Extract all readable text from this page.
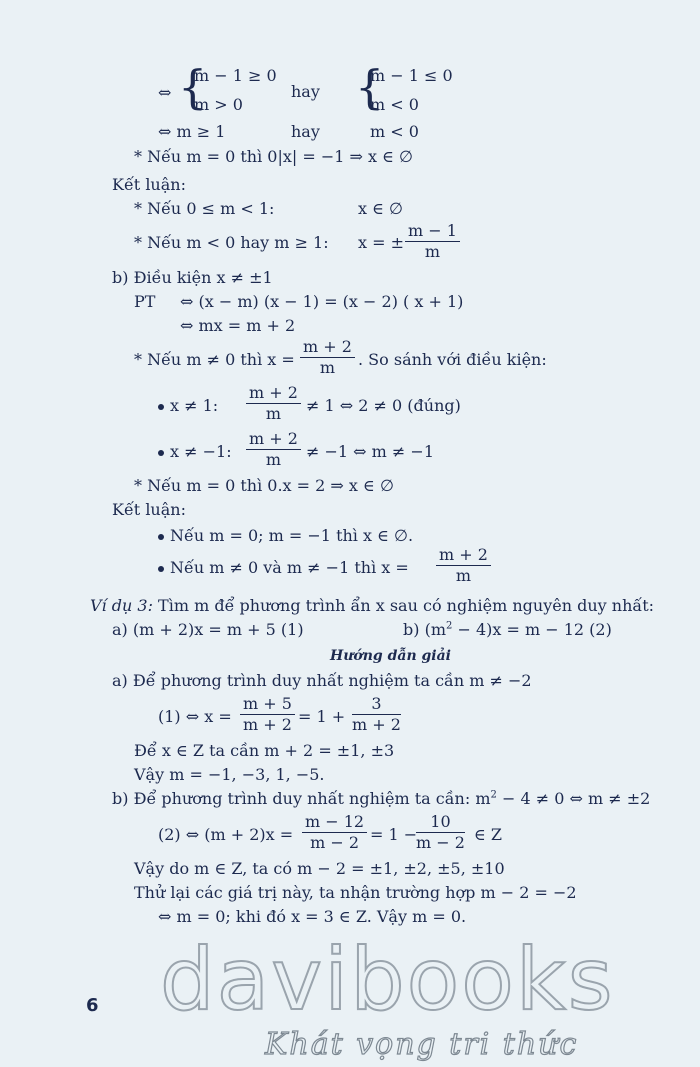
⇔ {
m − 1 ≥ 0
m > 0
hay {
m − 1 ≤ 0
m < 0
⇔ m ≥ 1	hay	m < 0
* Nếu m = 0 thì 0|x| = −1 ⇒ x ∈ ∅
Kết luận:
* Nếu 0 ≤ m < 1:	x ∈ ∅
* Nếu m < 0 hay m ≥ 1: x = ± $\frac{m - 1}{m}$
b) Điều kiện x ≠ ±1
PT ⇔ (x − m) (x − 1) = (x − 2) ( x + 1)
⇔ mx = m + 2
* Nếu m ≠ 0 thì $x = \frac{m + 2}{m}$ . So sánh với điều kiện:
x ≠ 1: $\frac{m + 2}{m} \ne 1$ ⇔ 2 ≠ 0 (đúng)
x ≠ −1: $\frac{m + 2}{m} \ne -1$ ⇔ m ≠ −1
* Nếu m = 0 thì 0.x = 2 ⇒ x ∈ ∅
Kết luận:
Nếu m = 0; m = −1 thì x ∈ ∅.
Nếu m ≠ 0 và m ≠ −1 thì $x = \frac{m + 2}{m}$
Ví dụ 3: Tìm m để phương trình ẩn x sau có nghiệm nguyên duy nhất:
a) (m + 2)x = m + 5 (1)	b) $(m^2 - 4)x = m - 12$ (2)
Hướng dẫn giải
a) Để phương trình duy nhất nghiệm ta cần m ≠ −2
(1) ⇔ $x = \frac{m + 5}{m + 2} = 1 + \frac{3}{m + 2}$
Để x ∈ Z ta cần m + 2 = ±1, ±3
Vậy m = −1, −3, 1, −5.
b) Để phương trình duy nhất nghiệm ta cần: $m^2 - 4 \ne 0$ ⇔ m ≠ ±2
(2) ⇔ $(m + 2)x = \frac{m - 12}{m - 2} = 1$ −
$\frac{10}{m - 2}$ ∈ Z
Vậy do m ∈ Z, ta có m − 2 = ±1, ±2, ±5, ±10
Thử lại các giá trị này, ta nhận trường hợp m − 2 = −2
⇔ m = 0; khi đó x = 3 ∈ Z. Vậy m = 0.
6 davibooks
Khát vọng tri thức
